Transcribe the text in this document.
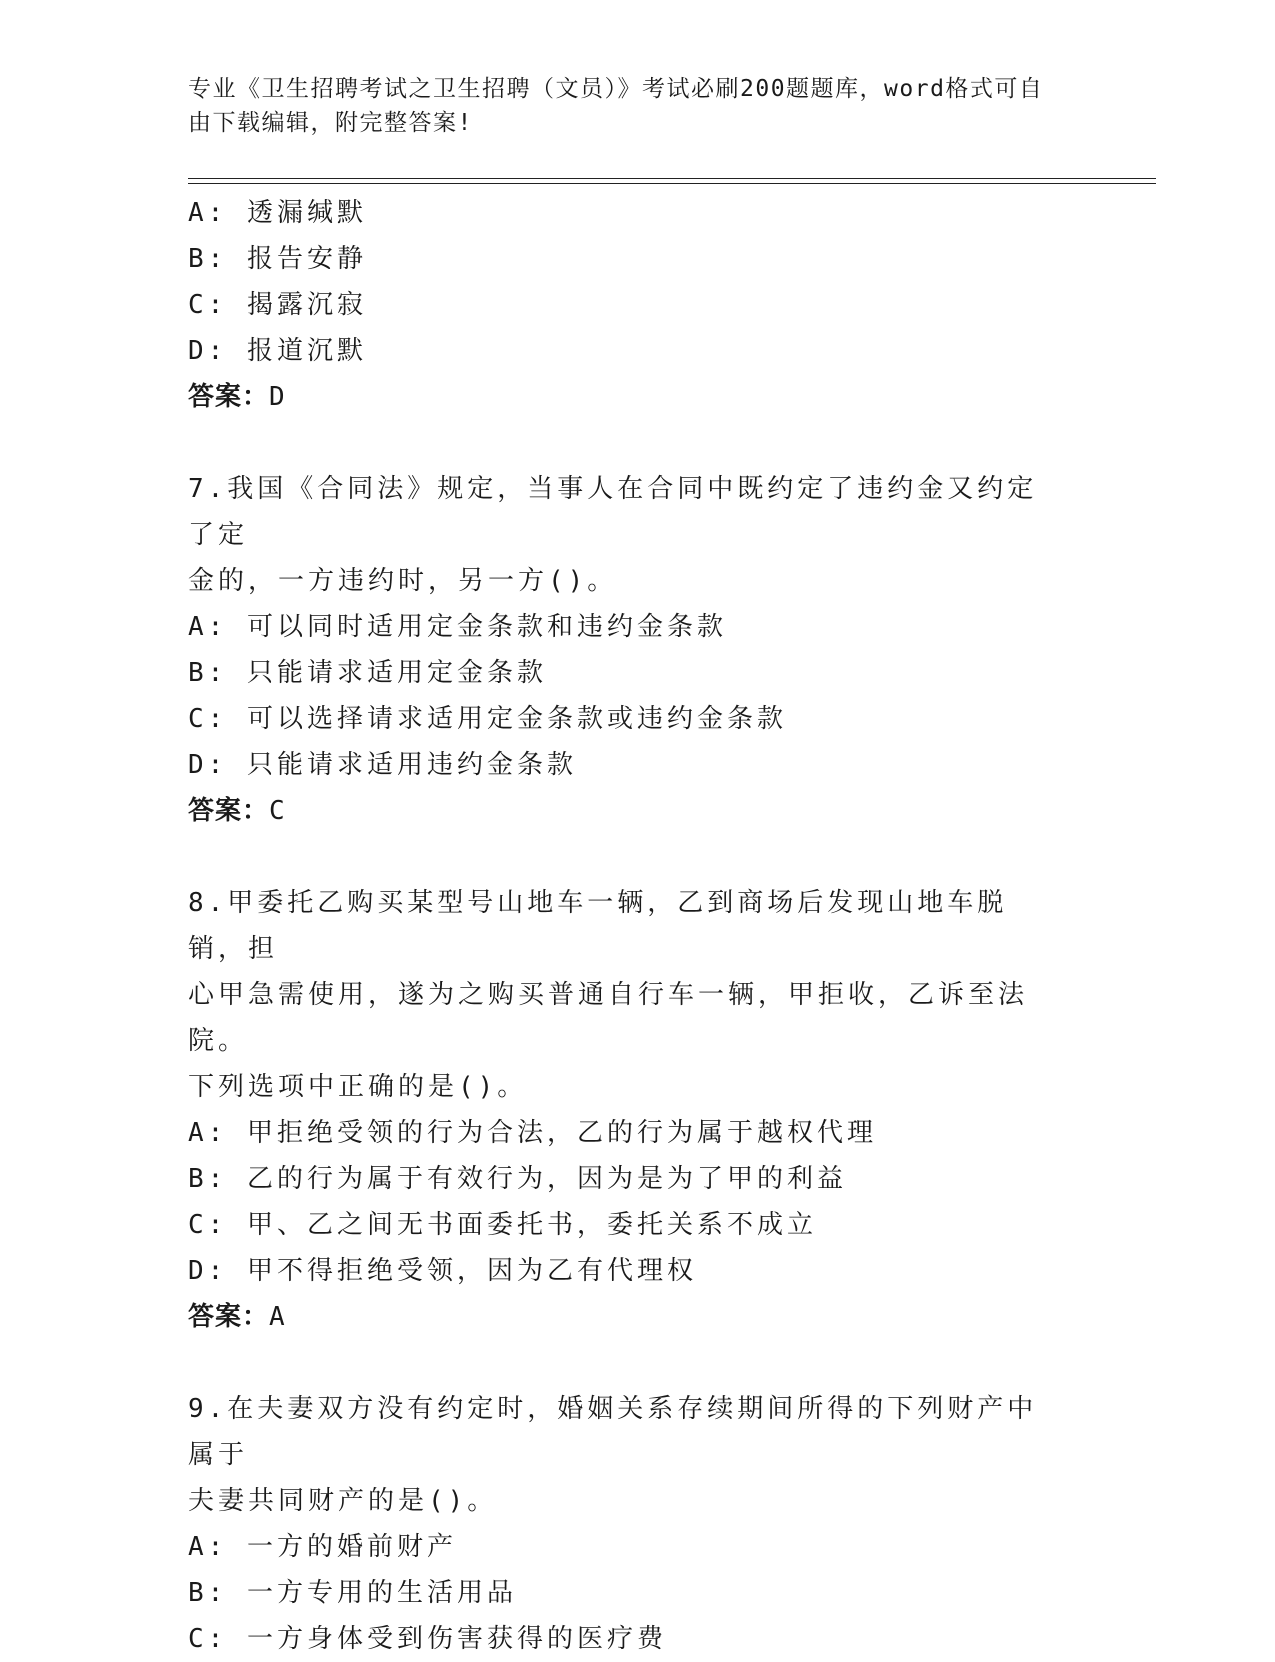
专业《卫生招聘考试之卫生招聘（文员）》考试必刷200题题库，word格式可自
由下载编辑，附完整答案!
A: 透漏缄默
B: 报告安静
C: 揭露沉寂
D: 报道沉默
答案：D
7.我国《合同法》规定，当事人在合同中既约定了违约金又约定了定
金的，一方违约时，另一方()。
A: 可以同时适用定金条款和违约金条款
B: 只能请求适用定金条款
C: 可以选择请求适用定金条款或违约金条款
D: 只能请求适用违约金条款
答案：C
8.甲委托乙购买某型号山地车一辆，乙到商场后发现山地车脱销，担
心甲急需使用，遂为之购买普通自行车一辆，甲拒收，乙诉至法院。
下列选项中正确的是()。
A: 甲拒绝受领的行为合法，乙的行为属于越权代理
B: 乙的行为属于有效行为，因为是为了甲的利益
C: 甲、乙之间无书面委托书，委托关系不成立
D: 甲不得拒绝受领，因为乙有代理权
答案：A
9.在夫妻双方没有约定时，婚姻关系存续期间所得的下列财产中属于
夫妻共同财产的是()。
A: 一方的婚前财产
B: 一方专用的生活用品
C: 一方身体受到伤害获得的医疗费
